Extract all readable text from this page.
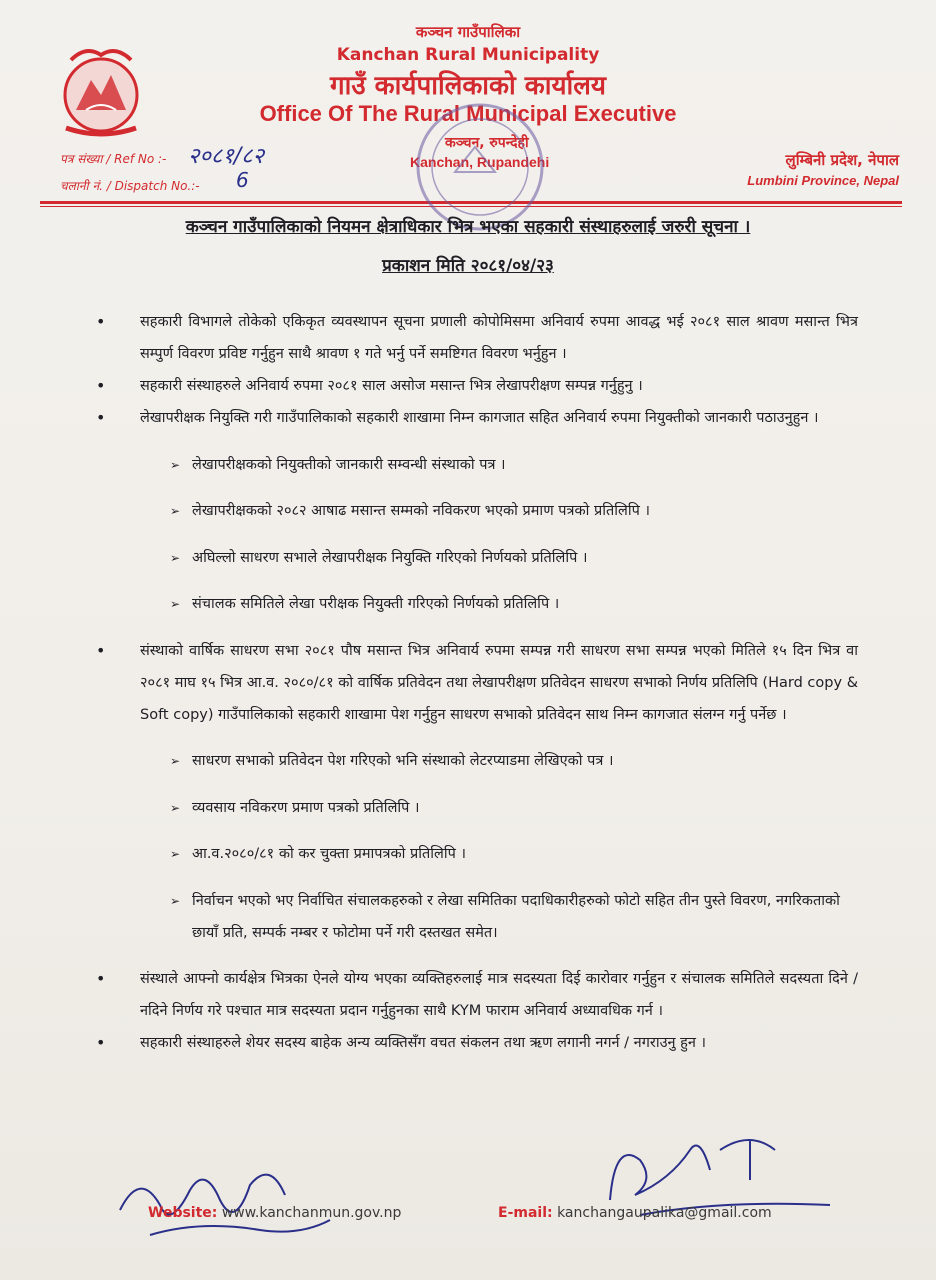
कञ्चन गाउँपालिका
Kanchan Rural Municipality
गाउँ कार्यपालिकाको कार्यालय
Office Of The Rural Municipal Executive
कञ्चन, रुपन्देही
Kanchan, Rupandehi
पत्र संख्या / Ref No :- २०८१/८२
चलानी नं. / Dispatch No.:- 6
लुम्बिनी प्रदेश, नेपाल
Lumbini Province, Nepal
कञ्चन गाउँपालिकाको नियमन क्षेत्राधिकार भित्र भएका सहकारी संस्थाहरुलाई जरुरी सूचना ।
प्रकाशन मिति २०८१/०४/२३

• सहकारी विभागले तोकेको एकिकृत व्यवस्थापन सूचना प्रणाली कोपोमिसमा अनिवार्य रुपमा आवद्ध भई २०८१ साल श्रावण मसान्त भित्र सम्पुर्ण विवरण प्रविष्ट गर्नुहुन साथै श्रावण १ गते भर्नु पर्ने समष्टिगत विवरण भर्नुहुन ।

• सहकारी संस्थाहरुले अनिवार्य रुपमा २०८१ साल असोज मसान्त भित्र लेखापरीक्षण सम्पन्न गर्नुहुनु ।

• लेखापरीक्षक नियुक्ति गरी गाउँपालिकाको सहकारी शाखामा निम्न कागजात सहित अनिवार्य रुपमा नियुक्तीको जानकारी पठाउनुहुन ।

➢ लेखापरीक्षकको नियुक्तीको जानकारी सम्वन्धी संस्थाको पत्र ।

➢ लेखापरीक्षकको २०८२ आषाढ मसान्त सम्मको नविकरण भएको प्रमाण पत्रको प्रतिलिपि ।

➢ अघिल्लो साधरण सभाले लेखापरीक्षक नियुक्ति गरिएको निर्णयको प्रतिलिपि ।

➢ संचालक समितिले लेखा परीक्षक नियुक्ती गरिएको निर्णयको प्रतिलिपि ।

• संस्थाको वार्षिक साधरण सभा २०८१ पौष मसान्त भित्र अनिवार्य रुपमा सम्पन्न गरी साधरण सभा सम्पन्न भएको मितिले १५ दिन भित्र वा २०८१ माघ १५ भित्र आ.व. २०८०/८१ को वार्षिक प्रतिवेदन तथा लेखापरीक्षण प्रतिवेदन साधरण सभाको निर्णय प्रतिलिपि (Hard copy & Soft copy) गाउँपालिकाको सहकारी शाखामा पेश गर्नुहुन साधरण सभाको प्रतिवेदन साथ निम्न कागजात संलग्न गर्नु पर्नेछ ।

➢ साधरण सभाको प्रतिवेदन पेश गरिएको भनि संस्थाको लेटरप्याडमा लेखिएको पत्र ।

➢ व्यवसाय नविकरण प्रमाण पत्रको प्रतिलिपि ।

➢ आ.व.२०८०/८१ को कर चुक्ता प्रमापत्रको प्रतिलिपि ।

➢ निर्वाचन भएको भए निर्वाचित संचालकहरुको र लेखा समितिका पदाधिकारीहरुको फोटो सहित तीन पुस्ते विवरण, नगरिकताको छायाँ प्रति, सम्पर्क नम्बर र फोटोमा पर्ने गरी दस्तखत समेत।

• संस्थाले आफ्नो कार्यक्षेत्र भित्रका ऐनले योग्य भएका व्यक्तिहरुलाई मात्र सदस्यता दिई कारोवार गर्नुहुन र संचालक समितिले सदस्यता दिने / नदिने निर्णय गरे पश्चात मात्र सदस्यता प्रदान गर्नुहुनका साथै KYM फाराम अनिवार्य अध्यावधिक गर्न ।

• सहकारी संस्थाहरुले शेयर सदस्य बाहेक अन्य व्यक्तिसँग वचत संकलन तथा ऋण लगानी नगर्न / नगराउनु हुन ।

Website: www.kanchanmun.gov.np	E-mail: kanchangaupalika@gmail.com
